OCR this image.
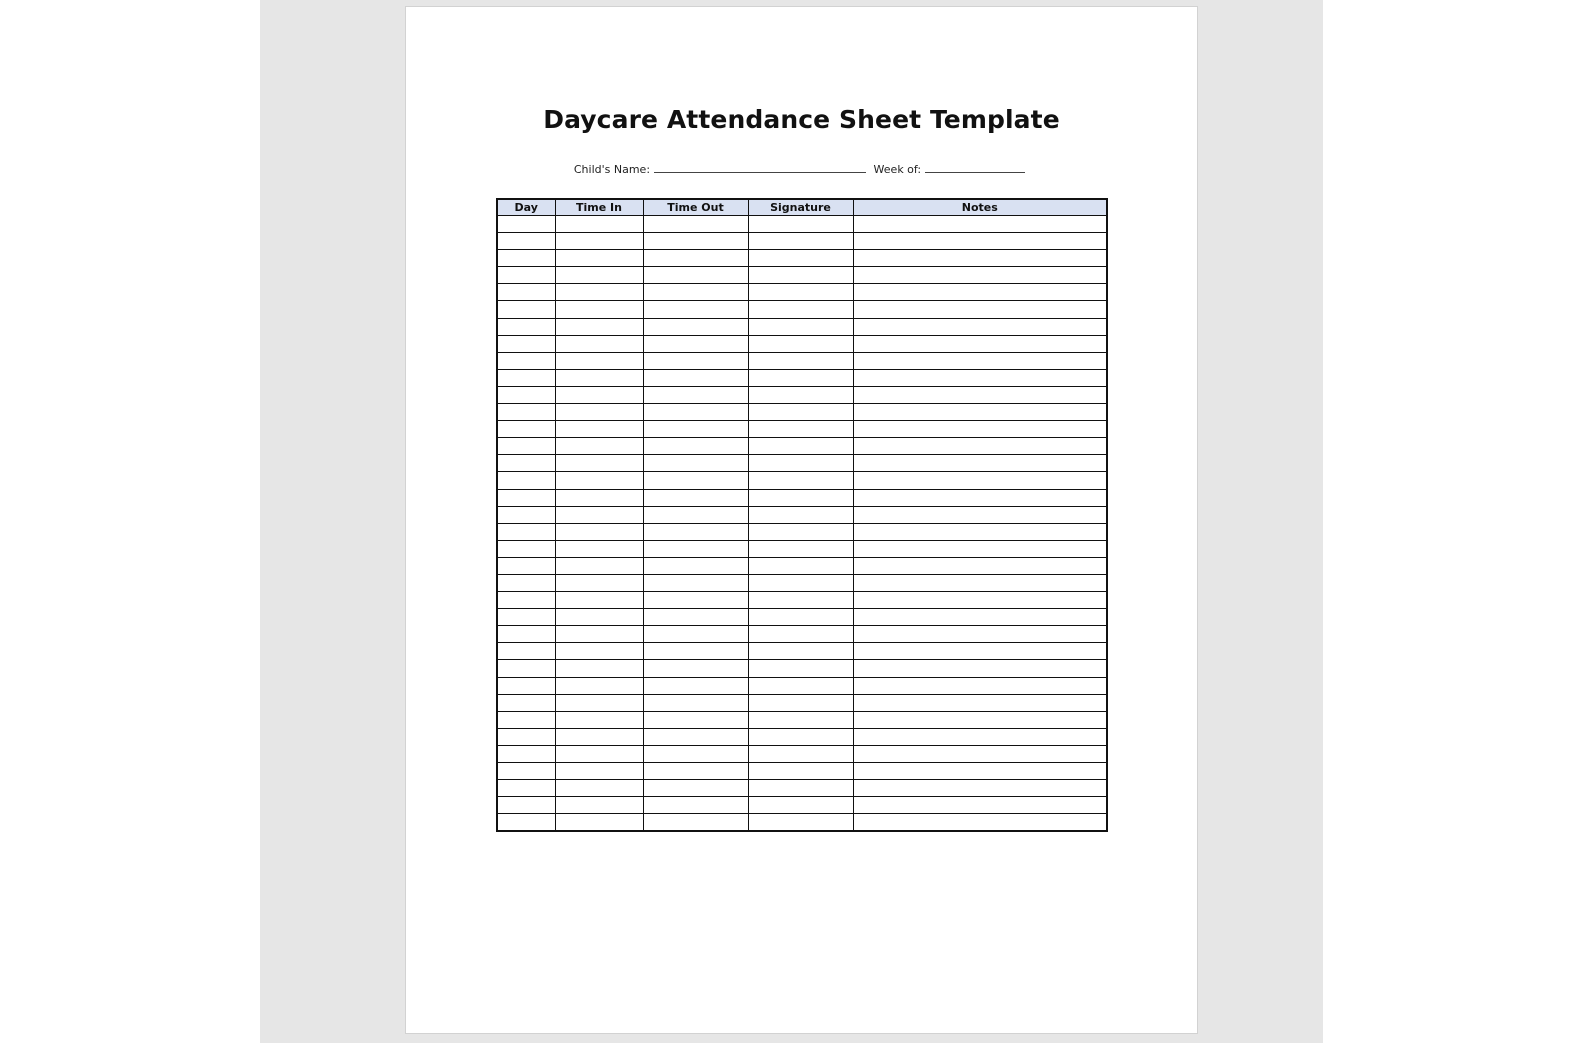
Daycare Attendance Sheet Template
Child's Name:	Week of:
Day	Time In	Time Out	Signature	Notes
